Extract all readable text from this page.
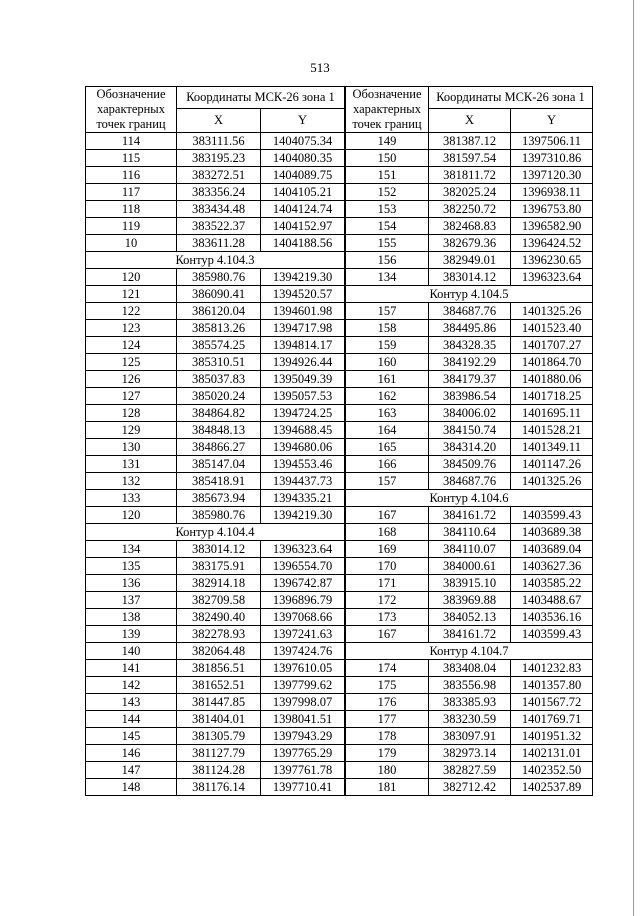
513
Обозначение характерных точек границ	Координаты МСК-26 зона 1	
	X	Y
114	383111.56	1404075.34
115	383195.23	1404080.35
116	383272.51	1404089.75
117	383356.24	1404105.21
118	383434.48	1404124.74
119	383522.37	1404152.97
10	383611.28	1404188.56
Контур 4.104.3		
120	385980.76	1394219.30
121	386090.41	1394520.57
122	386120.04	1394601.98
123	385813.26	1394717.98
124	385574.25	1394814.17
125	385310.51	1394926.44
126	385037.83	1395049.39
127	385020.24	1395057.53
128	384864.82	1394724.25
129	384848.13	1394688.45
130	384866.27	1394680.06
131	385147.04	1394553.46
132	385418.91	1394437.73
133	385673.94	1394335.21
120	385980.76	1394219.30
Контур 4.104.4		
134	383014.12	1396323.64
135	383175.91	1396554.70
136	382914.18	1396742.87
137	382709.58	1396896.79
138	382490.40	1397068.66
139	382278.93	1397241.63
140	382064.48	1397424.76
141	381856.51	1397610.05
142	381652.51	1397799.62
143	381447.85	1397998.07
144	381404.01	1398041.51
145	381305.79	1397943.29
146	381127.79	1397765.29
147	381124.28	1397761.78
148	381176.14	1397710.41
Обозначение характерных точек границ	Координаты МСК-26 зона 1	
	X	Y
149	381387.12	1397506.11
150	381597.54	1397310.86
151	381811.72	1397120.30
152	382025.24	1396938.11
153	382250.72	1396753.80
154	382468.83	1396582.90
155	382679.36	1396424.52
156	382949.01	1396230.65
134	383014.12	1396323.64
Контур 4.104.5		
157	384687.76	1401325.26
158	384495.86	1401523.40
159	384328.35	1401707.27
160	384192.29	1401864.70
161	384179.37	1401880.06
162	383986.54	1401718.25
163	384006.02	1401695.11
164	384150.74	1401528.21
165	384314.20	1401349.11
166	384509.76	1401147.26
157	384687.76	1401325.26
Контур 4.104.6		
167	384161.72	1403599.43
168	384110.64	1403689.38
169	384110.07	1403689.04
170	384000.61	1403627.36
171	383915.10	1403585.22
172	383969.88	1403488.67
173	384052.13	1403536.16
167	384161.72	1403599.43
Контур 4.104.7		
174	383408.04	1401232.83
175	383556.98	1401357.80
176	383385.93	1401567.72
177	383230.59	1401769.71
178	383097.91	1401951.32
179	382973.14	1402131.01
180	382827.59	1402352.50
181	382712.42	1402537.89
